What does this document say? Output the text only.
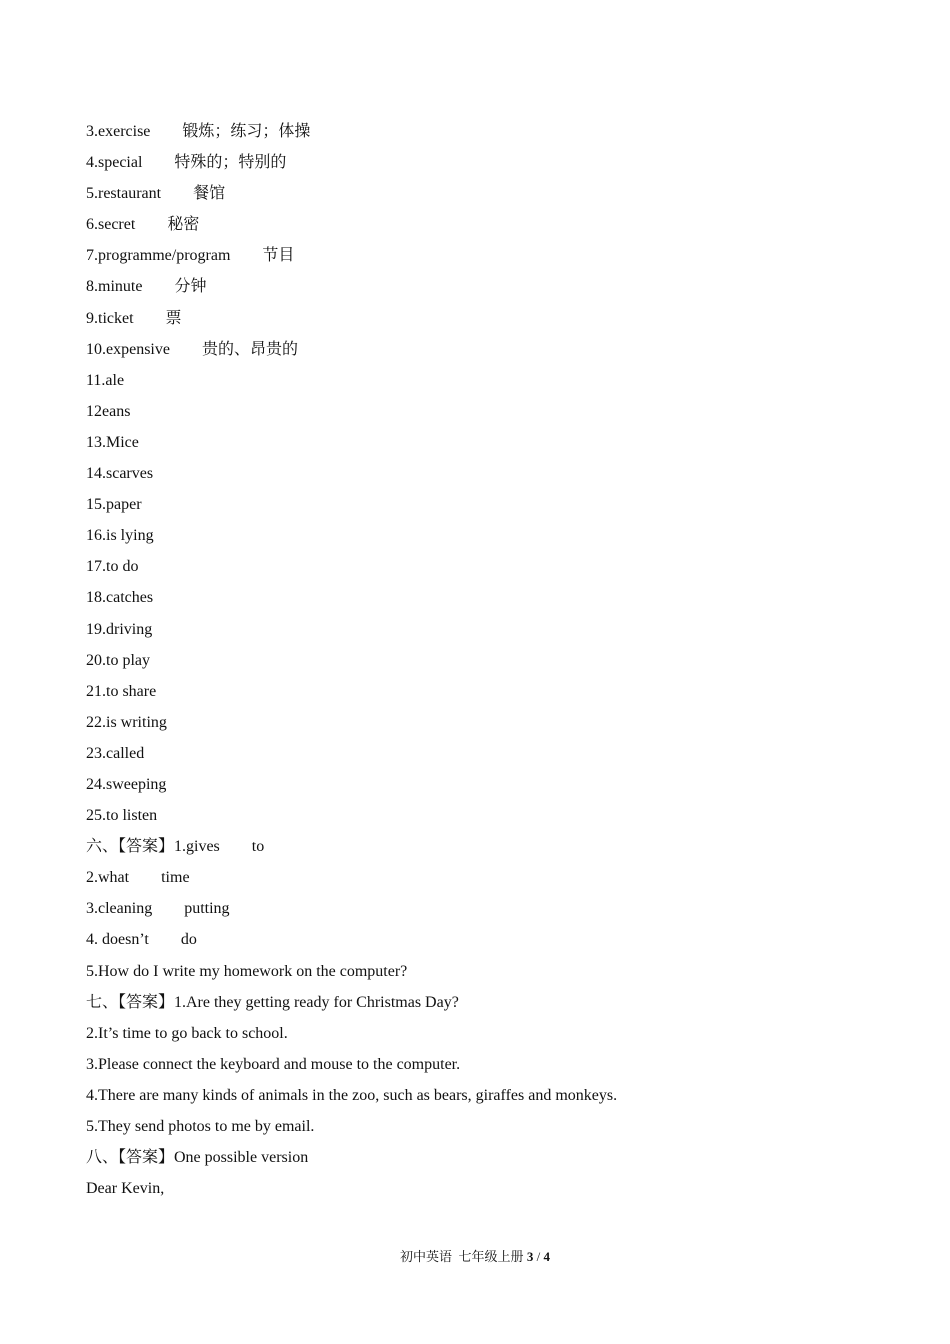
3.exercise 锻炼；练习；体操
4.special 特殊的；特别的
5.restaurant 餐馆
6.secret 秘密
7.programme/program 节目
8.minute 分钟
9.ticket 票
10.expensive 贵的、昂贵的
11.ale
12eans
13.Mice
14.scarves
15.paper
16.is lying
17.to do
18.catches
19.driving
20.to play
21.to share
22.is writing
23.called
24.sweeping
25.to listen
六、【答案】1.gives to
2.what time
3.cleaning putting
4. doesn’t do
5.How do I write my homework on the computer?
七、【答案】1.Are they getting ready for Christmas Day?
2.It’s time to go back to school.
3.Please connect the keyboard and mouse to the computer.
4.There are many kinds of animals in the zoo, such as bears, giraffes and monkeys.
5.They send photos to me by email.
八、【答案】One possible version
Dear Kevin,
初中英语  七年级上册 3 / 4
